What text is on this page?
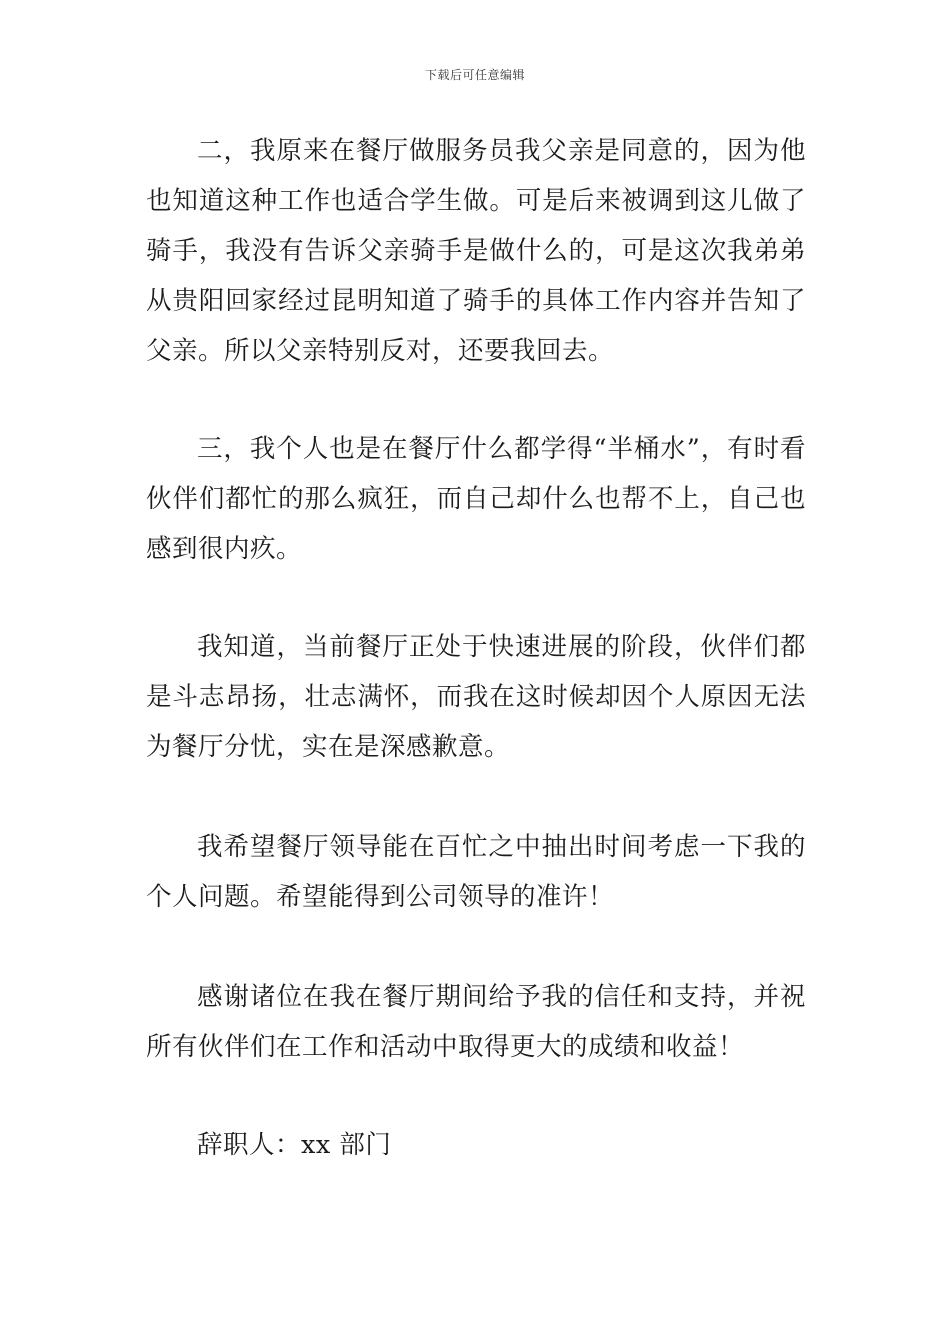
下载后可任意编辑

二，我原来在餐厅做服务员我父亲是同意的，因为他也知道这种工作也适合学生做。可是后来被调到这儿做了骑手，我没有告诉父亲骑手是做什么的，可是这次我弟弟从贵阳回家经过昆明知道了骑手的具体工作内容并告知了父亲。所以父亲特别反对，还要我回去。

三，我个人也是在餐厅什么都学得“半桶水”，有时看伙伴们都忙的那么疯狂，而自己却什么也帮不上，自己也感到很内疚。

我知道，当前餐厅正处于快速进展的阶段，伙伴们都是斗志昂扬，壮志满怀，而我在这时候却因个人原因无法为餐厅分忧，实在是深感歉意。

我希望餐厅领导能在百忙之中抽出时间考虑一下我的个人问题。希望能得到公司领导的准许！

感谢诸位在我在餐厅期间给予我的信任和支持，并祝所有伙伴们在工作和活动中取得更大的成绩和收益！

辞职人：xx 部门
